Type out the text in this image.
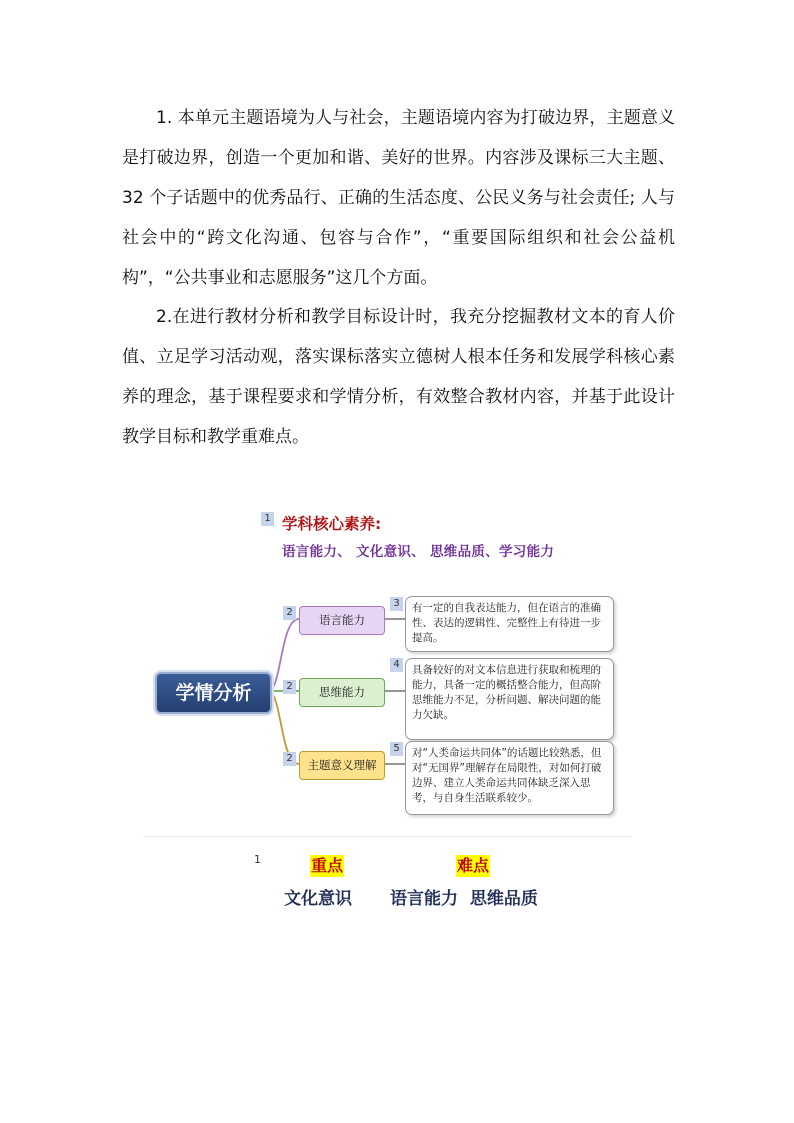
1. 本单元主题语境为人与社会，主题语境内容为打破边界，主题意义是打破边界，创造一个更加和谐、美好的世界。内容涉及课标三大主题、32 个子话题中的优秀品行、正确的生活态度、公民义务与社会责任; 人与社会中的“跨文化沟通、包容与合作”，“重要国际组织和社会公益机构”，“公共事业和志愿服务”这几个方面。

2.在进行教材分析和教学目标设计时，我充分挖掘教材文本的育人价值、立足学习活动观，落实课标落实立德树人根本任务和发展学科核心素养的理念，基于课程要求和学情分析，有效整合教材内容，并基于此设计教学目标和教学重难点。

1 学科核心素养:
语言能力、 文化意识、 思维品质、学习能力
学情分析
2
2
2
语言能力
思维能力
主题意义理解
3
4
5
有一定的自我表达能力，但在语言的准确性、表达的逻辑性、完整性上有待进一步提高。
具备较好的对文本信息进行获取和梳理的能力，具备一定的概括整合能力，但高阶思维能力不足，分析问题、解决问题的能力欠缺。
对“人类命运共同体”的话题比较熟悉，但对“无国界”理解存在局限性，对如何打破边界、建立人类命运共同体缺乏深入思考，与自身生活联系较少。
1	重点	难点
文化意识 语言能力  思维品质
